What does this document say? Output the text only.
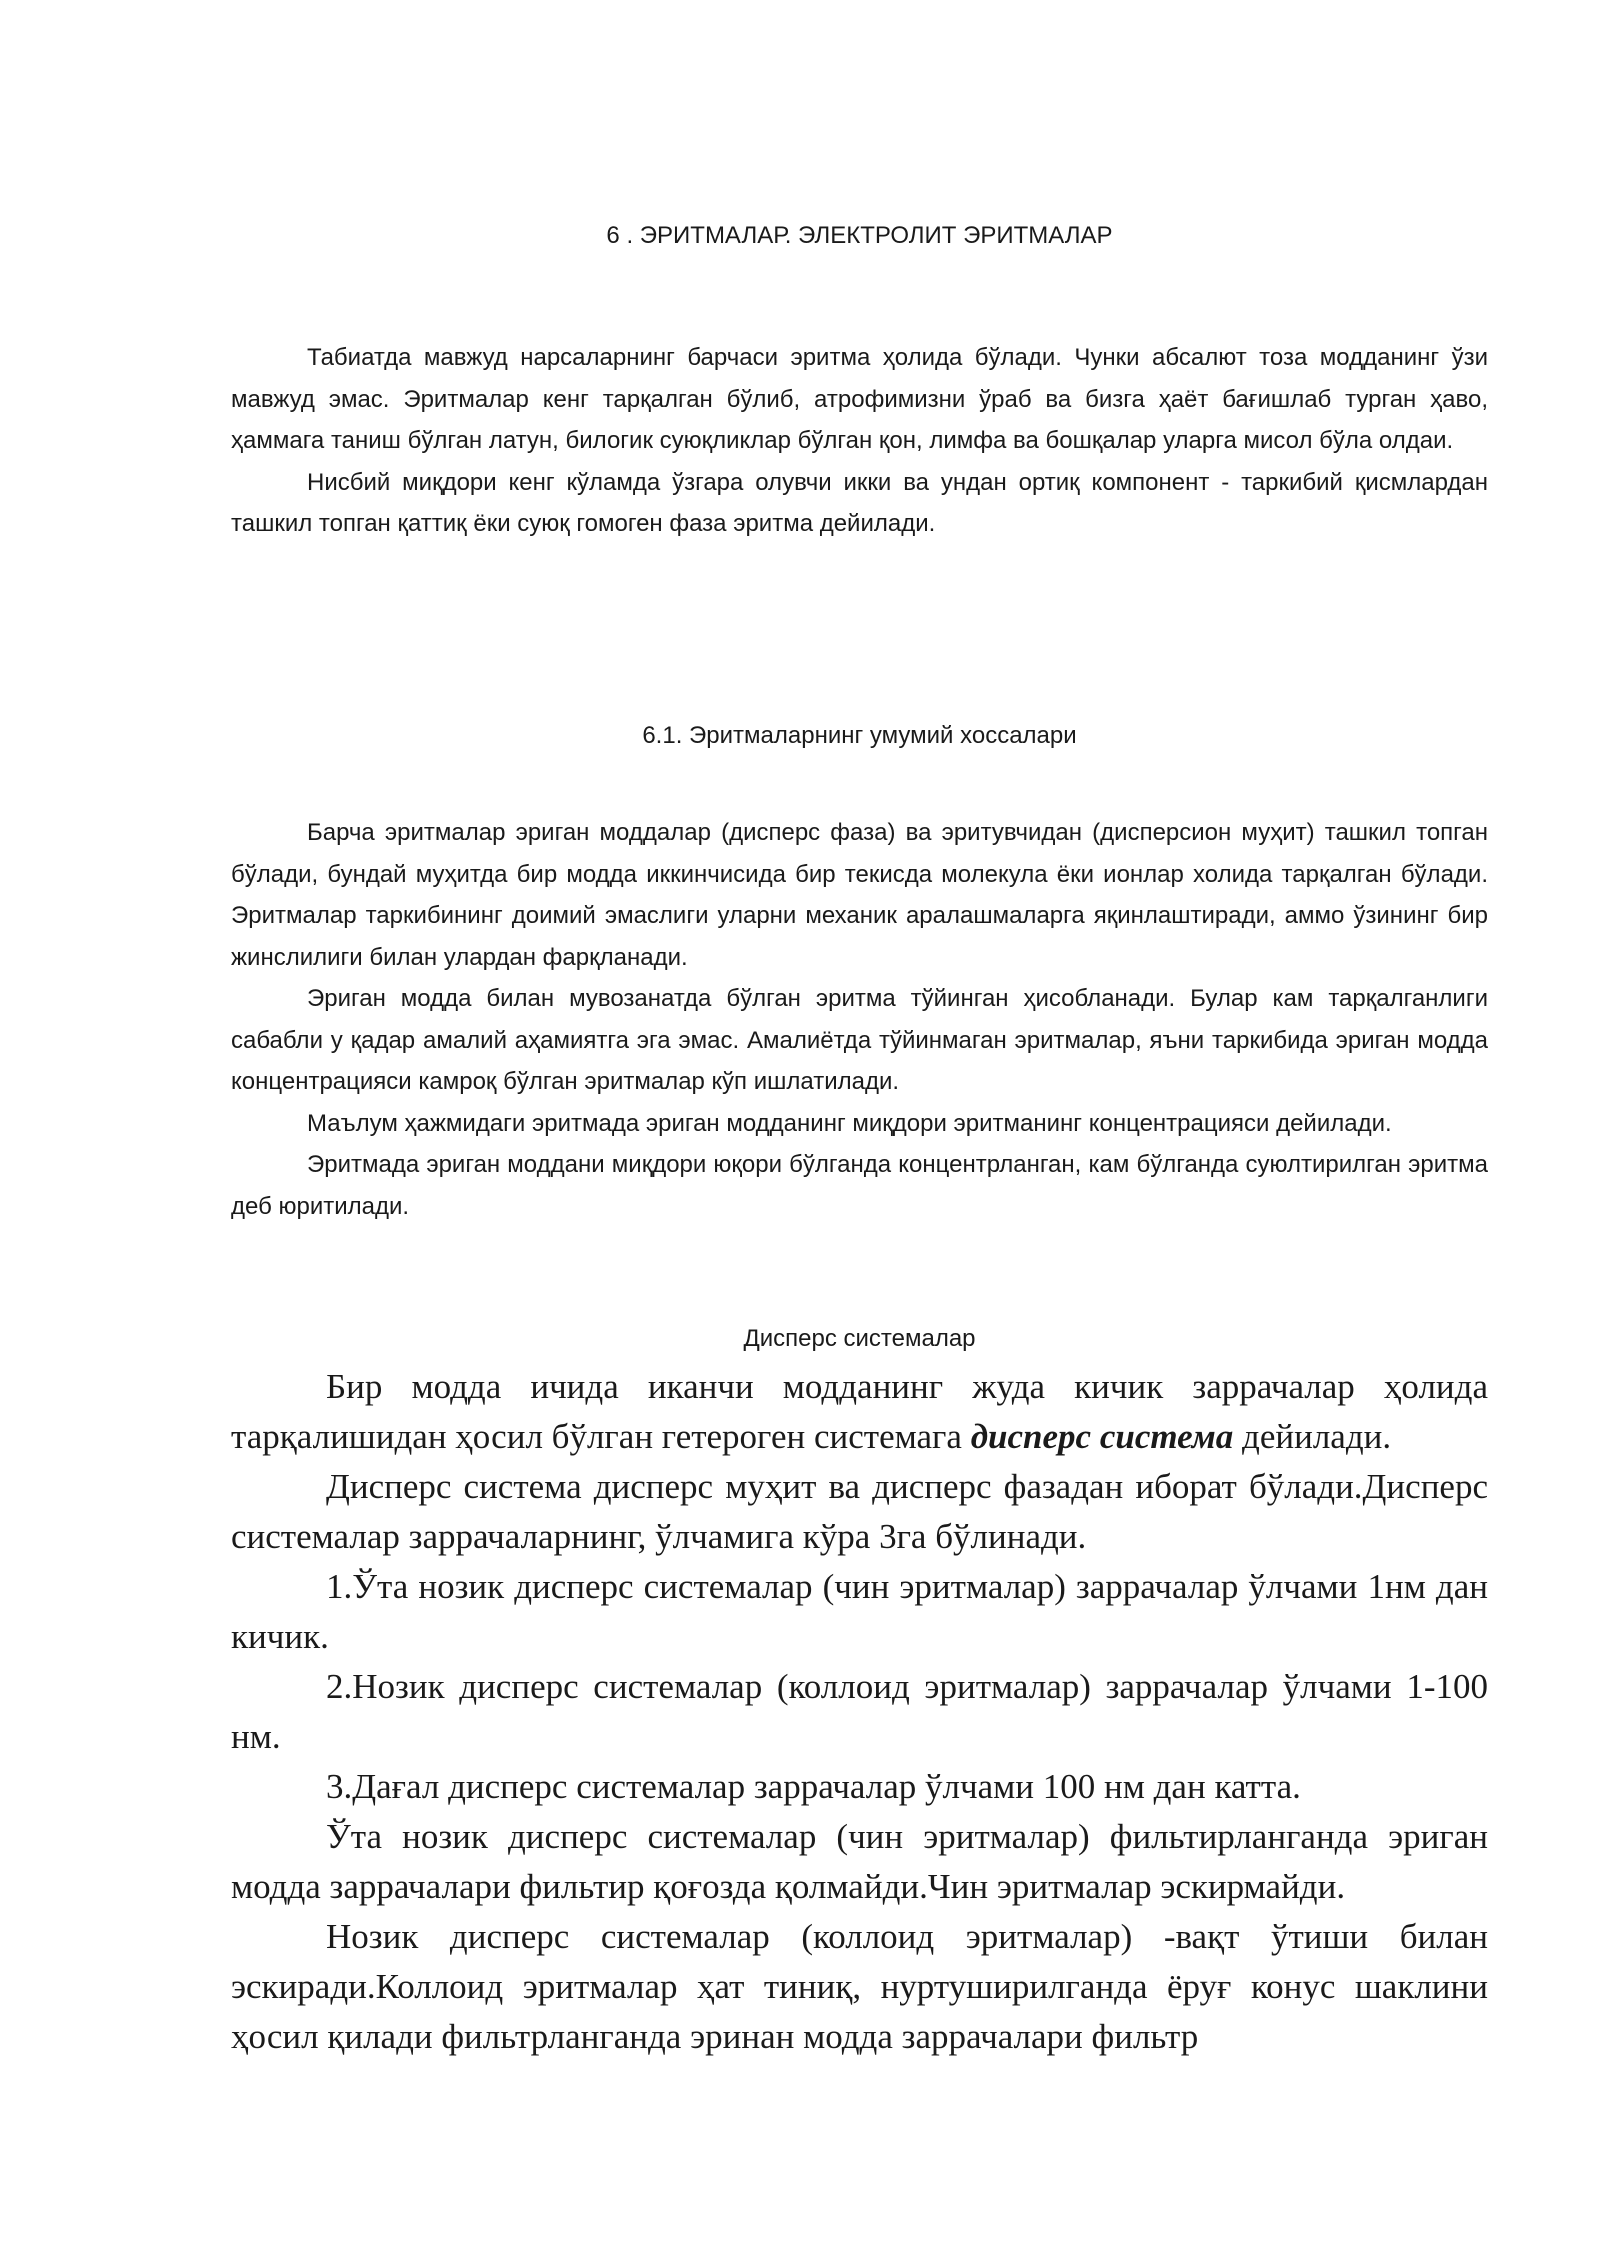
6 . ЭРИТМАЛАР. ЭЛЕКТРОЛИТ ЭРИТМАЛАР

Табиатда мавжуд нарсаларнинг барчаси эритма ҳолида бўлади. Чунки абсалют тоза модданинг ўзи мавжуд эмас. Эритмалар кенг тарқалган бўлиб, атрофимизни ўраб ва бизга ҳаёт бағишлаб турган ҳаво, ҳаммага таниш бўлган латун, билогик суюқликлар бўлган қон, лимфа ва бошқалар уларга мисол бўла олдаи.

Нисбий миқдори кенг кўламда ўзгара олувчи икки ва ундан ортиқ компонент - таркибий қисмлардан ташкил топган қаттиқ ёки суюқ гомоген фаза эритма дейилади.

6.1. Эритмаларнинг умумий хоссалари

Барча эритмалар эриган моддалар (дисперс фаза) ва эритувчидан (дисперсион муҳит) ташкил топган бўлади, бундай муҳитда бир модда иккинчисида бир текисда молекула ёки ионлар холида тарқалган бўлади. Эритмалар таркибининг доимий эмаслиги уларни механик аралашмаларга яқинлаштиради, аммо ўзининг бир жинслилиги билан улардан фарқланади.

Эриган модда билан мувозанатда бўлган эритма тўйинган ҳисобланади. Булар кам тарқалганлиги сабабли у қадар амалий аҳамиятга эга эмас. Амалиётда тўйинмаган эритмалар, яъни таркибида эриган модда концентрацияси камроқ бўлган эритмалар кўп ишлатилади.

Маълум ҳажмидаги эритмада эриган модданинг миқдори эритманинг концентрацияси дейилади.

Эритмада эриган моддани миқдори юқори бўлганда концентрланган, кам бўлганда суюлтирилган эритма деб юритилади.

Дисперс системалар

Бир модда ичида иканчи модданинг жуда кичик заррачалар ҳолида тарқалишидан ҳосил бўлган гетероген системага дисперс система дейилади.

Дисперс система дисперс муҳит ва дисперс фазадан иборат бўлади.Дисперс системалар заррачаларнинг, ўлчамига кўра 3га бўлинади.

1.Ўта нозик дисперс системалар (чин эритмалар) заррачалар ўлчами 1нм дан кичик.

2.Нозик дисперс системалар (коллоид эритмалар) заррачалар ўлчами 1-100 нм.

3.Дағал дисперс системалар заррачалар ўлчами 100 нм дан катта.

Ўта нозик дисперс системалар (чин эритмалар) фильтирланганда эриган модда заррачалари фильтир қоғозда қолмайди.Чин эритмалар эскирмайди.

Нозик дисперс системалар (коллоид эритмалар) -вақт ўтиши билан эскиради.Коллоид эритмалар ҳат тиниқ, нуртуширилганда ёруғ конус шаклини ҳосил қилади фильтрланганда эринан модда заррачалари фильтр
